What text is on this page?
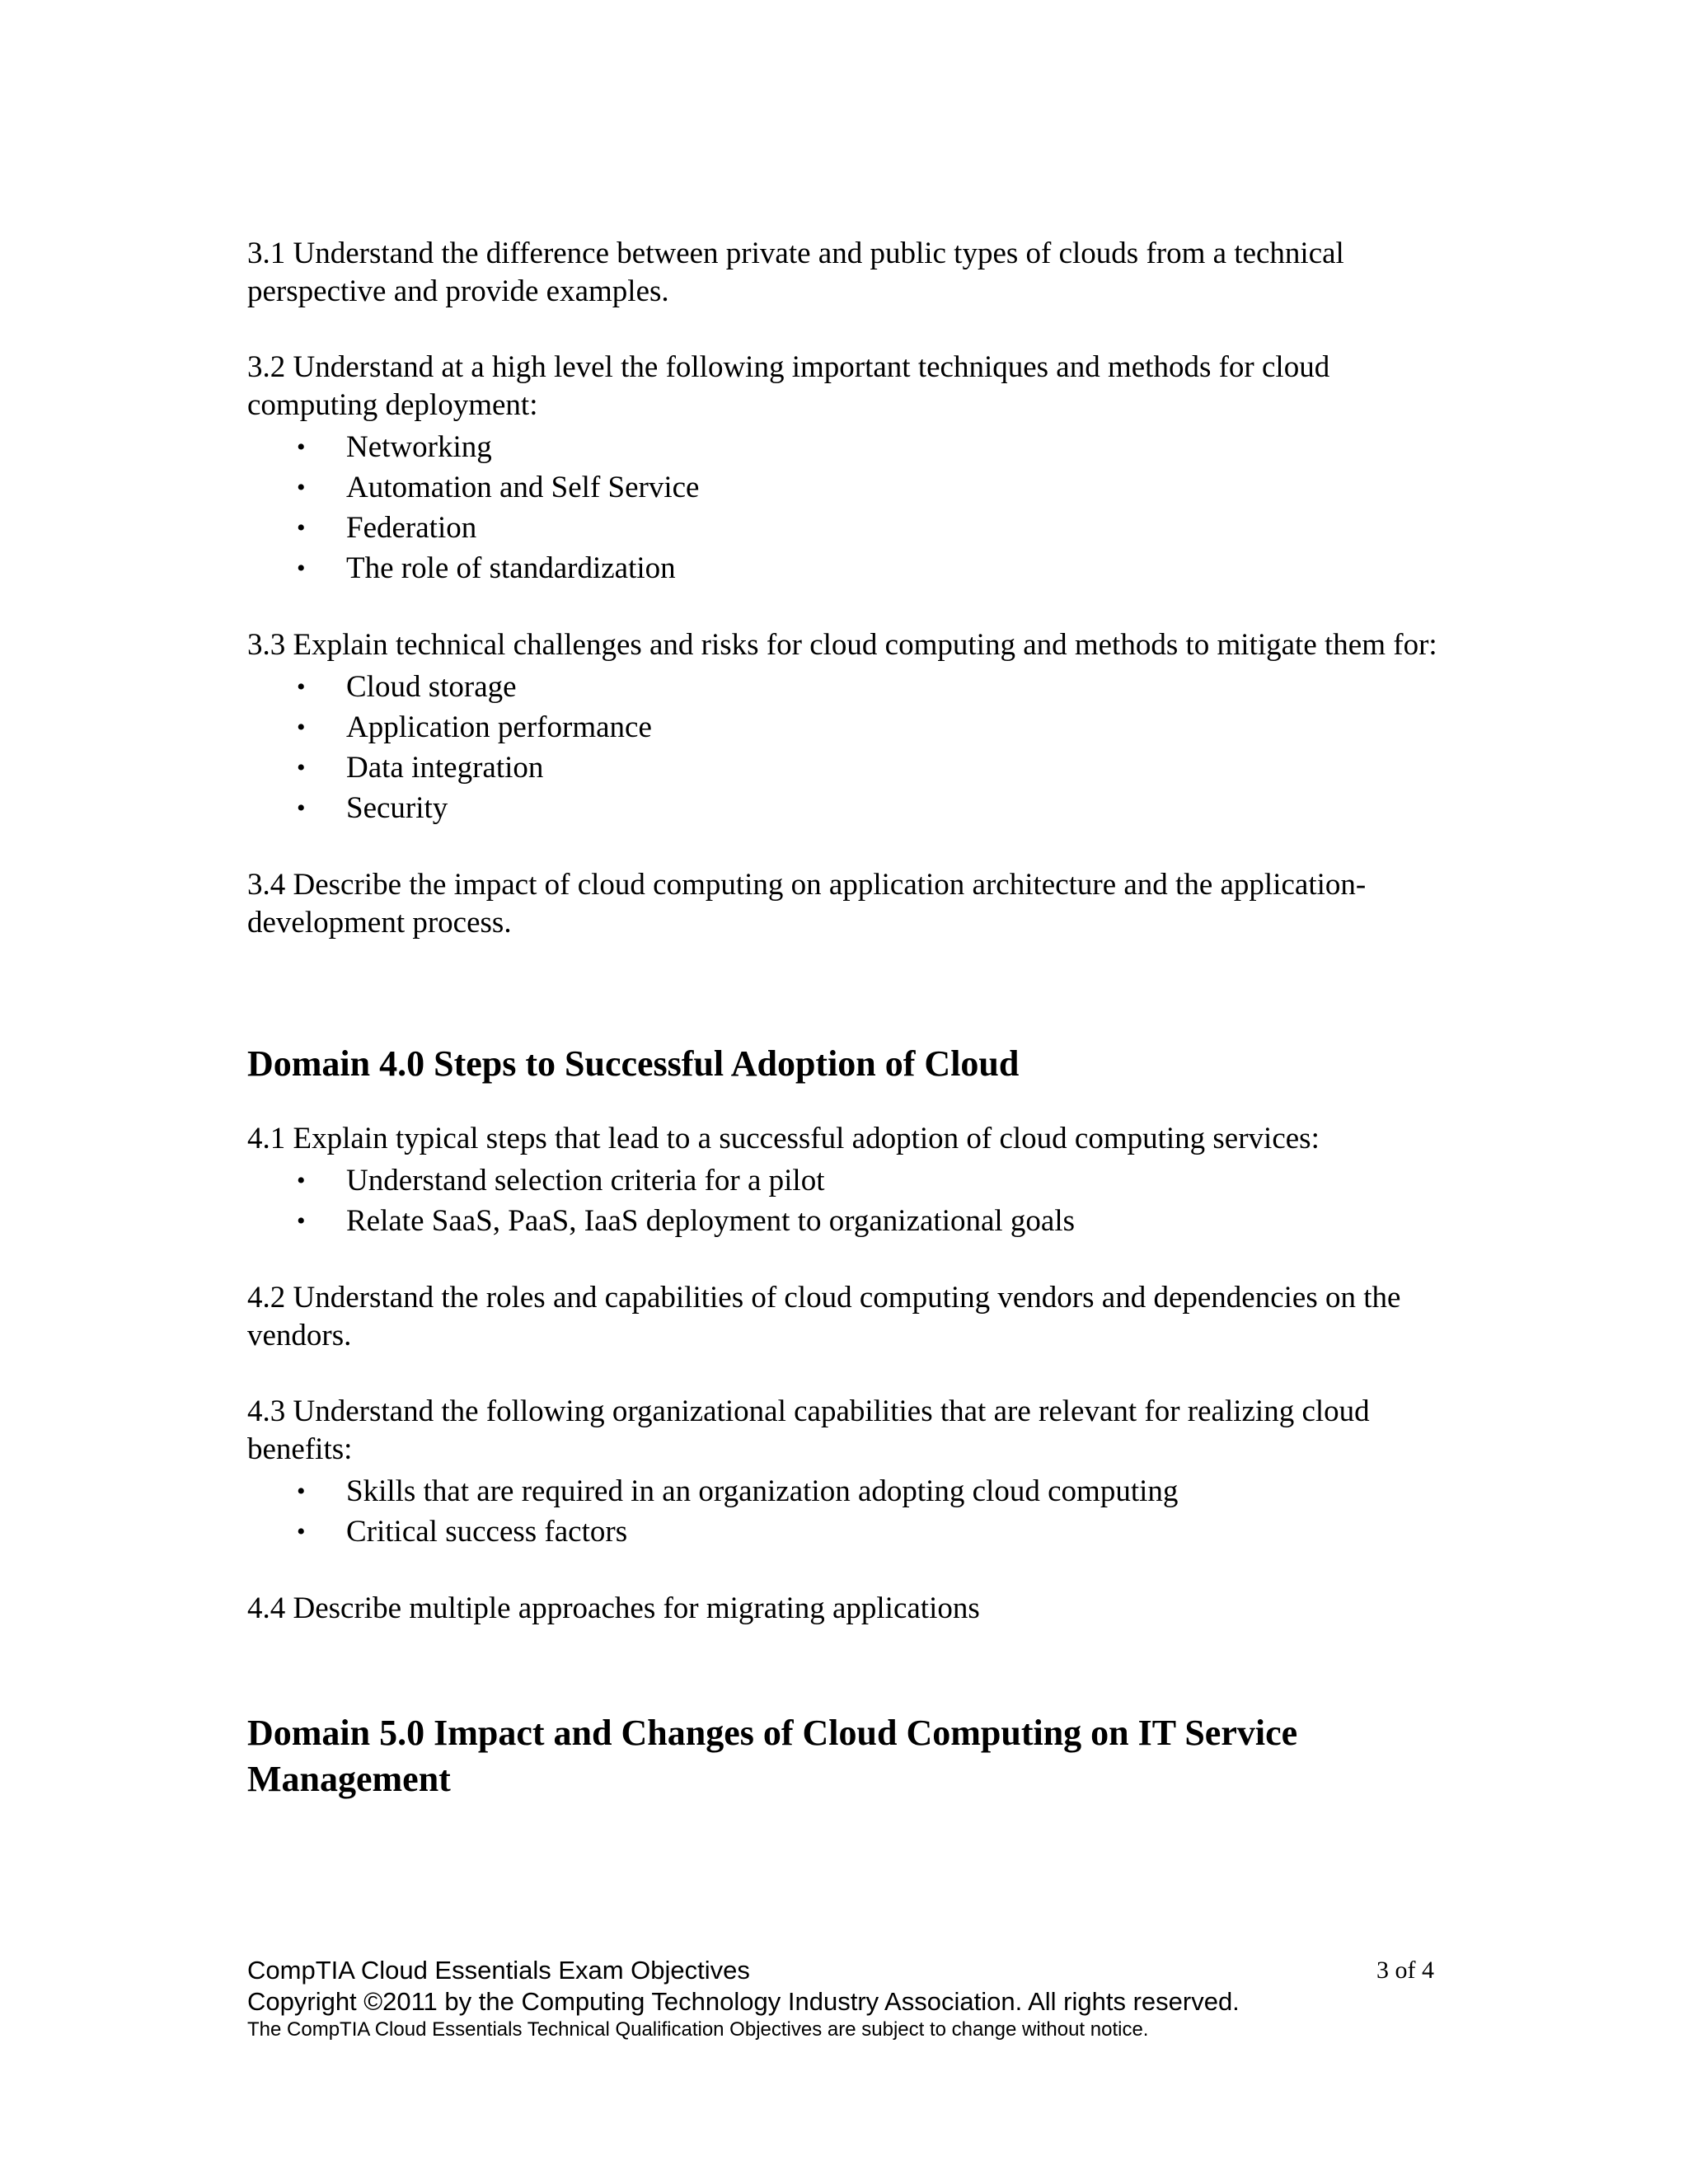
3.1 Understand the difference between private and public types of clouds from a technical perspective and provide examples.

3.2 Understand at a high level the following important techniques and methods for cloud computing deployment:

• Networking
• Automation and Self Service
• Federation
• The role of standardization

3.3 Explain technical challenges and risks for cloud computing and methods to mitigate them for:

• Cloud storage
• Application performance
• Data integration
• Security

3.4 Describe the impact of cloud computing on application architecture and the application-development process.

Domain 4.0 Steps to Successful Adoption of Cloud

4.1 Explain typical steps that lead to a successful adoption of cloud computing services:

• Understand selection criteria for a pilot
• Relate SaaS, PaaS, IaaS deployment to organizational goals

4.2 Understand the roles and capabilities of cloud computing vendors and dependencies on the vendors.

4.3 Understand the following organizational capabilities that are relevant for realizing cloud benefits:

• Skills that are required in an organization adopting cloud computing
• Critical success factors

4.4 Describe multiple approaches for migrating applications

Domain 5.0 Impact and Changes of Cloud Computing on IT Service
Management
CompTIA Cloud Essentials Exam Objectives	3 of 4
Copyright ©2011 by the Computing Technology Industry Association. All rights reserved.
The CompTIA Cloud Essentials Technical Qualification Objectives are subject to change without notice.
